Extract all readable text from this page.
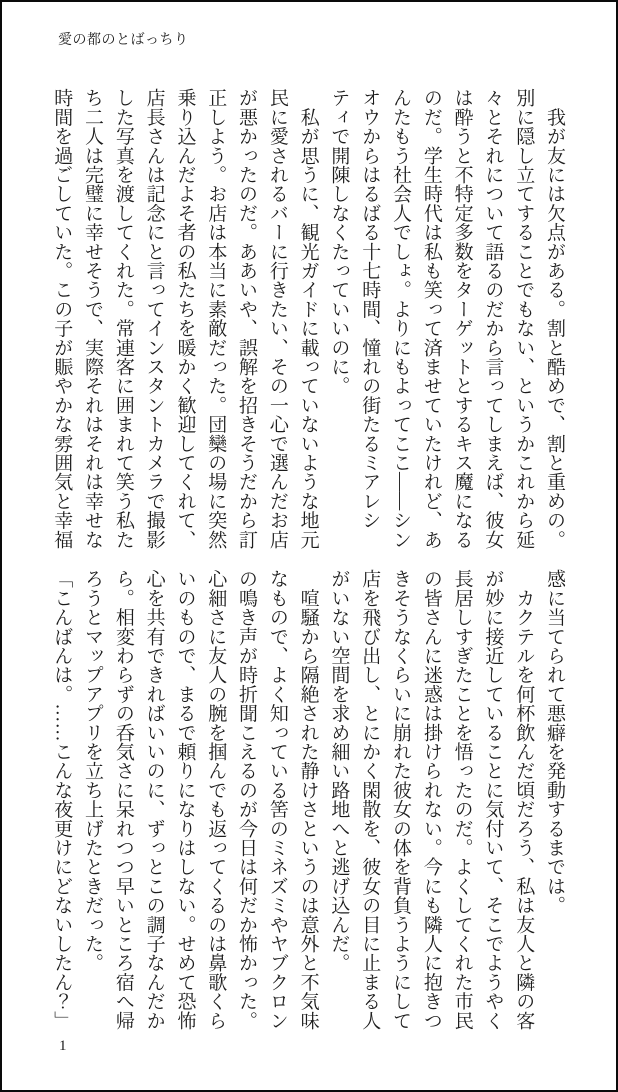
愛の都のとばっちり

　我が友には欠点がある。割と酷めで、割と重めの。

別に隠し立てすることでもない、というかこれから延

々とそれについて語るのだから言ってしまえば、彼女

は酔うと不特定多数をターゲットとするキス魔になる

のだ。学生時代は私も笑って済ませていたけれど、あ

んたもう社会人でしょ。よりにもよってここ――シン

オウからはるばる十七時間、憧れの街たるミアレシ

ティで開陳しなくたっていいのに。

　私が思うに、観光ガイドに載っていないような地元

民に愛されるバーに行きたい、その一心で選んだお店

が悪かったのだ。ああいや、誤解を招きそうだから訂

正しよう。お店は本当に素敵だった。団欒の場に突然

乗り込んだよそ者の私たちを暖かく歓迎してくれて、

店長さんは記念にと言ってインスタントカメラで撮影

した写真を渡してくれた。常連客に囲まれて笑う私た

ち二人は完璧に幸せそうで、実際それはそれは幸せな

時間を過ごしていた。この子が賑やかな雰囲気と幸福

感に当てられて悪癖を発動するまでは。

　カクテルを何杯飲んだ頃だろう、私は友人と隣の客

が妙に接近していることに気付いて、そこでようやく

長居しすぎたことを悟ったのだ。よくしてくれた市民

の皆さんに迷惑は掛けられない。今にも隣人に抱きつ

きそうなくらいに崩れた彼女の体を背負うようにして

店を飛び出し、とにかく閑散を、彼女の目に止まる人

がいない空間を求め細い路地へと逃げ込んだ。

　喧騒から隔絶された静けさというのは意外と不気味

なもので、よく知っている筈のミネズミやヤブクロン

の鳴き声が時折聞こえるのが今日は何だか怖かった。

心細さに友人の腕を掴んでも返ってくるのは鼻歌くら

いのもので、まるで頼りになりはしない。せめて恐怖

心を共有できればいいのに、ずっとこの調子なんだか

ら。相変わらずの呑気さに呆れつつ早いところ宿へ帰

ろうとマップアプリを立ち上げたときだった。

「こんばんは。……こんな夜更けにどないしたん？」

1
